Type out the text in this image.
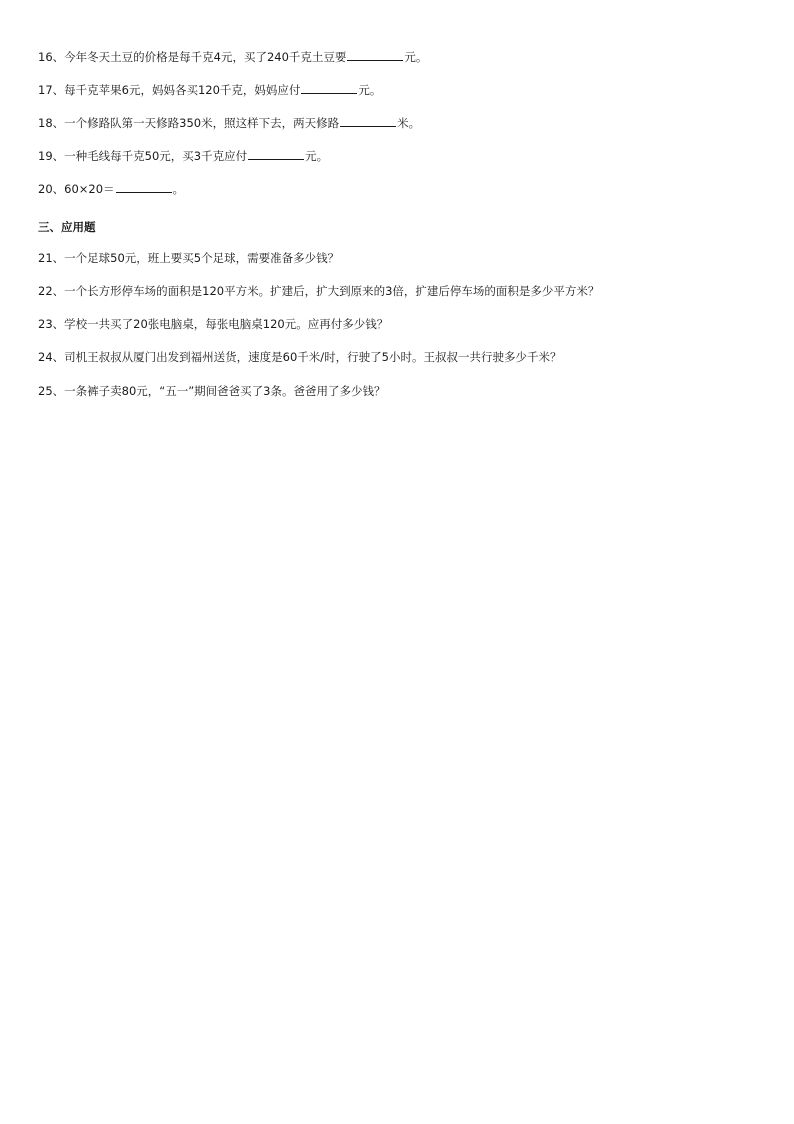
16、今年冬天土豆的价格是每千克4元，买了240千克土豆要	元。
17、每千克苹果6元，妈妈各买120千克，妈妈应付	元。
18、一个修路队第一天修路350米，照这样下去，两天修路	米。
19、一种毛线每千克50元，买3千克应付	元。
20、60×20＝	。
三、应用题
21、一个足球50元，班上要买5个足球，需要准备多少钱？
22、一个长方形停车场的面积是120平方米。扩建后，扩大到原来的3倍，扩建后停车场的面积是多少平方米？
23、学校一共买了20张电脑桌，每张电脑桌120元。应再付多少钱？
24、司机王叔叔从厦门出发到福州送货，速度是60千米/时，行驶了5小时。王叔叔一共行驶多少千米？
25、一条裤子卖80元，“五一”期间爸爸买了3条。爸爸用了多少钱？
